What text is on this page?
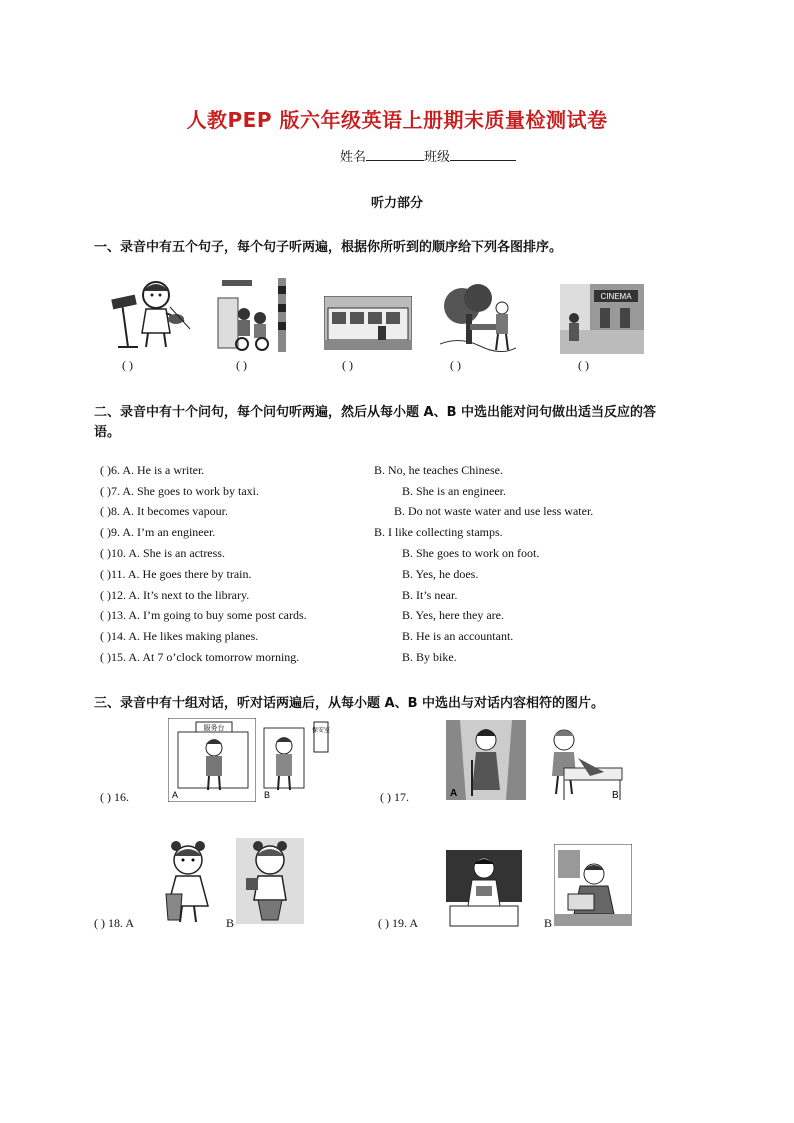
人教PEP 版六年级英语上册期末质量检测试卷
姓名	班级
听力部分
一、录音中有五个句子，每个句子听两遍，根据你所听到的顺序给下列各图排序。
CINEMA
( )	( )	( )	( )	( )
二、录音中有十个问句，每个问句听两遍，然后从每小题 A、B 中选出能对问句做出适当反应的答
语。
( )6. A. He is a writer.	B. No, he teaches Chinese.
( )7. A. She goes to work by taxi.	B. She is an engineer.
( )8. A. It becomes vapour.	B. Do not waste water and use less water.
( )9. A. I’m an engineer.	B. I like collecting stamps.
( )10. A. She is an actress.	B. She goes to work on foot.
( )11. A. He goes there by train.	B. Yes, he does.
( )12. A. It’s next to the library.	B. It’s near.
( )13. A. I’m going to buy some post cards.	B. Yes, here they are.
( )14. A. He likes making planes.	B. He is an accountant.
( )15. A. At 7 o’clock tomorrow morning.	B. By bike.
三、录音中有十组对话，听对话两遍后，从每小题 A、B 中选出与对话内容相符的图片。
( ) 16.
服务台
A
保安室
B	( ) 17.	A	B
( ) 18. A	B	( ) 19. A	B
